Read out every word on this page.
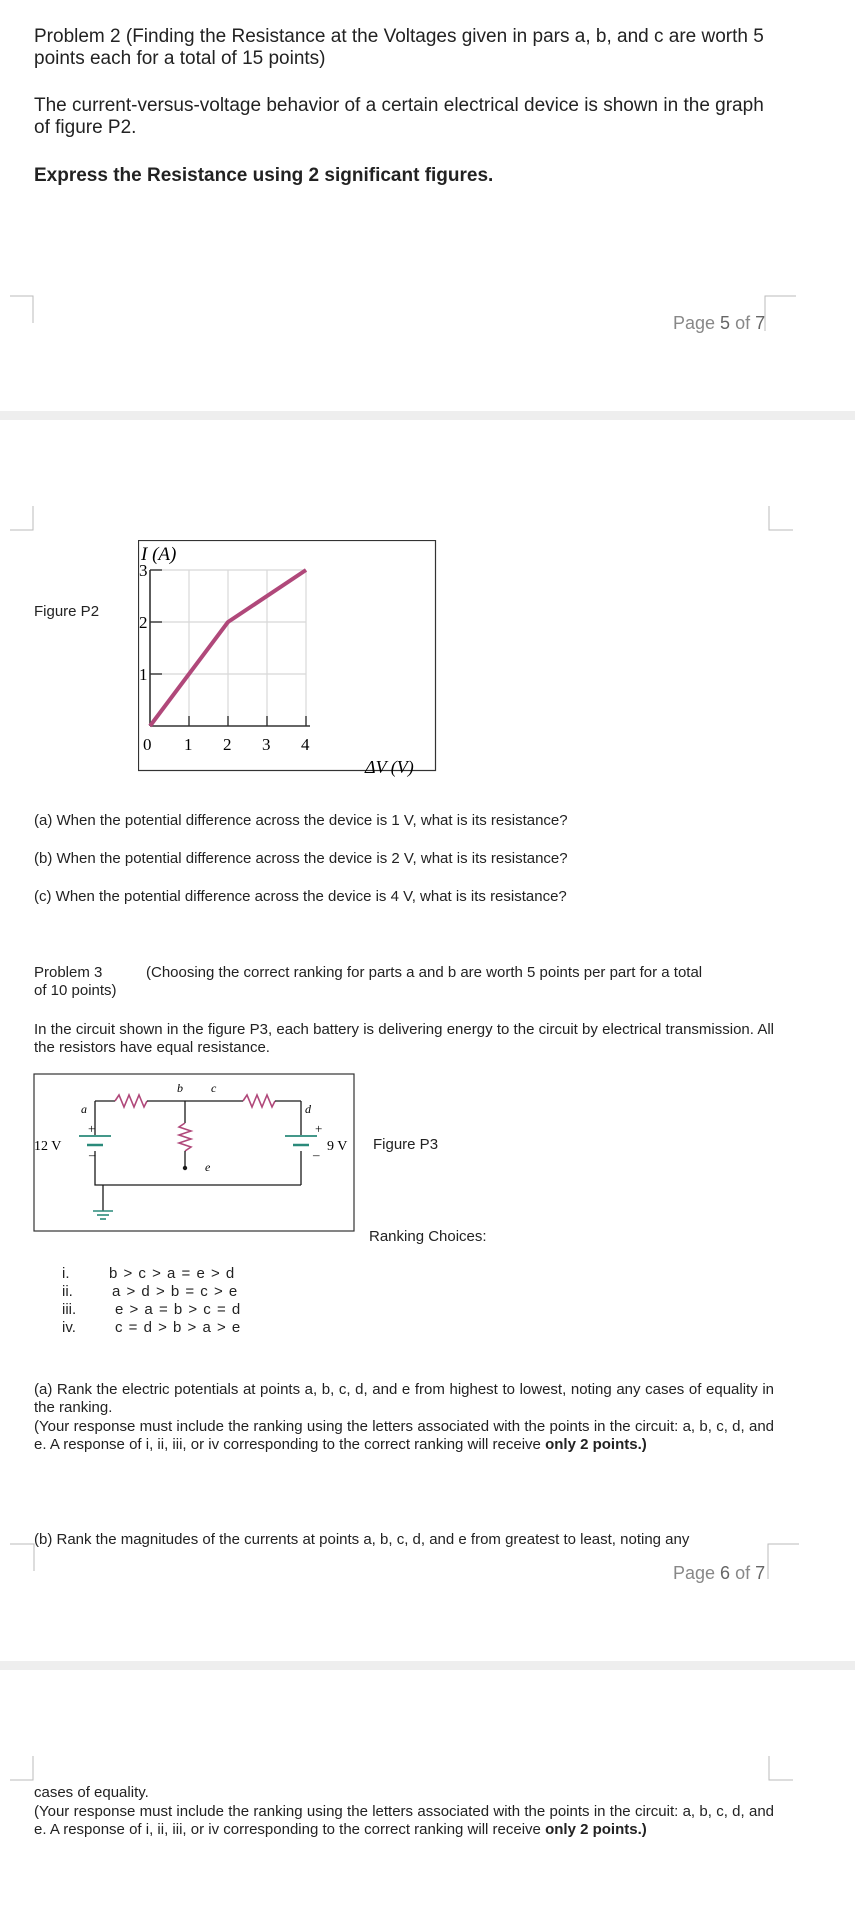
Problem 2 (Finding the Resistance at the Voltages given in pars a, b, and c are worth 5 points each for a total of 15 points)
The current-versus-voltage behavior of a certain electrical device is shown in the graph of figure P2.
Express the Resistance using 2 significant figures.
Page 5 of 7
Figure P2
I (A)
ΔV (V)
3
2
1
0 1 2 3 4
(a) When the potential difference across the device is 1 V, what is its resistance?
(b) When the potential difference across the device is 2 V, what is its resistance?
(c) When the potential difference across the device is 4 V, what is its resistance?
Problem 3	(Choosing the correct ranking for parts a and b are worth 5 points per part for a total
of 10 points)
In the circuit shown in the figure P3, each battery is delivering energy to the circuit by electrical transmission. All the resistors have equal resistance.
12 V	9 V
+
–
+
–
a
b c
d
e
Figure P3
Ranking Choices:
i.	b > c > a = e > d
ii.	a > d > b = c > e
iii.	e > a = b > c = d
iv.	c = d > b > a > e
(a) Rank the electric potentials at points a, b, c, d, and e from highest to lowest, noting any cases of equality in the ranking.
(Your response must include the ranking using the letters associated with the points in the circuit: a, b, c, d, and e. A response of i, ii, iii, or iv corresponding to the correct ranking will receive only 2 points.)
(b) Rank the magnitudes of the currents at points a, b, c, d, and e from greatest to least, noting any
Page 6 of 7
cases of equality.
(Your response must include the ranking using the letters associated with the points in the circuit: a, b, c, d, and e. A response of i, ii, iii, or iv corresponding to the correct ranking will receive only 2 points.)
